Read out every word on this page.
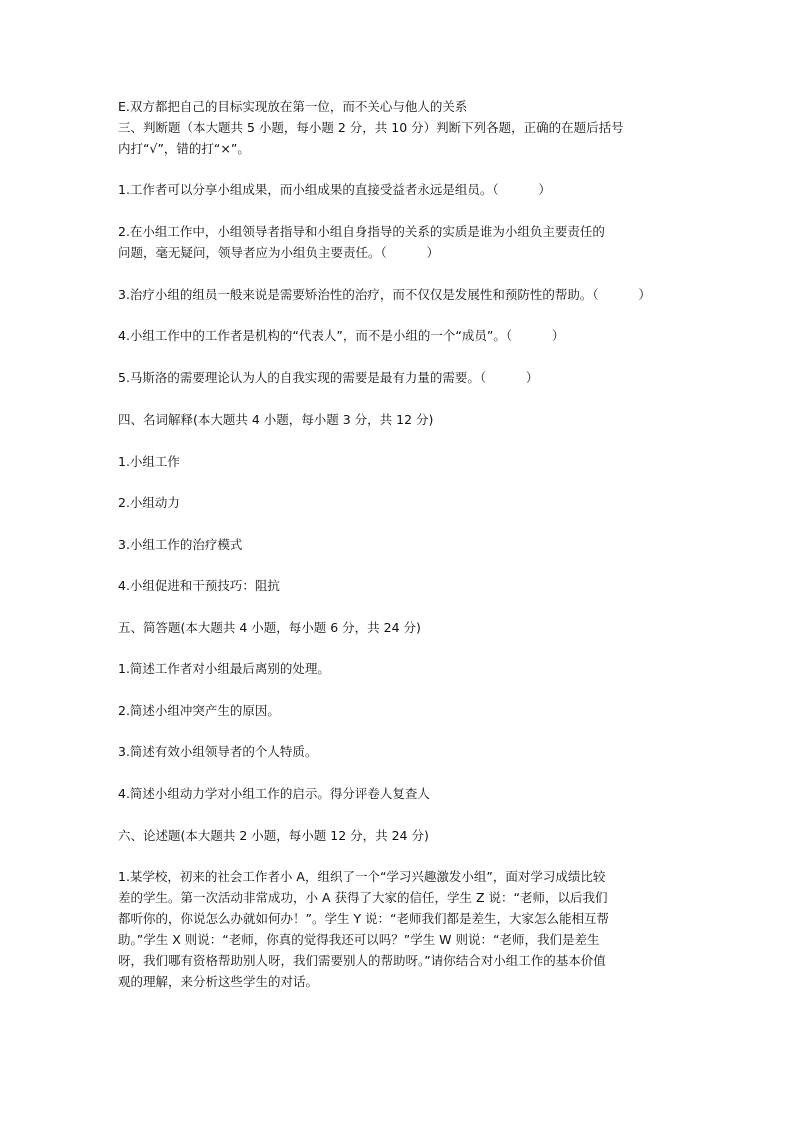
E.双方都把自己的目标实现放在第一位，而不关心与他人的关系
三、判断题（本大题共 5 小题，每小题 2 分，共 10 分）判断下列各题，正确的在题后括号
内打“√”，错的打“×”。
1.工作者可以分享小组成果，而小组成果的直接受益者永远是组员。（          ）
2.在小组工作中，小组领导者指导和小组自身指导的关系的实质是谁为小组负主要责任的
问题，毫无疑问，领导者应为小组负主要责任。（          ）
3.治疗小组的组员一般来说是需要矫治性的治疗，而不仅仅是发展性和预防性的帮助。（          ）
4.小组工作中的工作者是机构的“代表人”，而不是小组的一个“成员”。（          ）
5.马斯洛的需要理论认为人的自我实现的需要是最有力量的需要。（          ）
四、名词解释(本大题共 4 小题，每小题 3 分，共 12 分)
1.小组工作
2.小组动力
3.小组工作的治疗模式
4.小组促进和干预技巧：阻抗
五、简答题(本大题共 4 小题，每小题 6 分，共 24 分)
1.简述工作者对小组最后离别的处理。
2.简述小组冲突产生的原因。
3.简述有效小组领导者的个人特质。
4.简述小组动力学对小组工作的启示。得分评卷人复查人
六、论述题(本大题共 2 小题，每小题 12 分，共 24 分)
1.某学校，初来的社会工作者小 A，组织了一个“学习兴趣激发小组”，面对学习成绩比较
差的学生。第一次活动非常成功，小 A 获得了大家的信任，学生 Z 说：“老师，以后我们
都听你的，你说怎么办就如何办！”。学生 Y 说：“老师我们都是差生，大家怎么能相互帮
助。”学生 X 则说：“老师，你真的觉得我还可以吗？”学生 W 则说：“老师，我们是差生
呀，我们哪有资格帮助别人呀，我们需要别人的帮助呀。”请你结合对小组工作的基本价值
观的理解，来分析这些学生的对话。
